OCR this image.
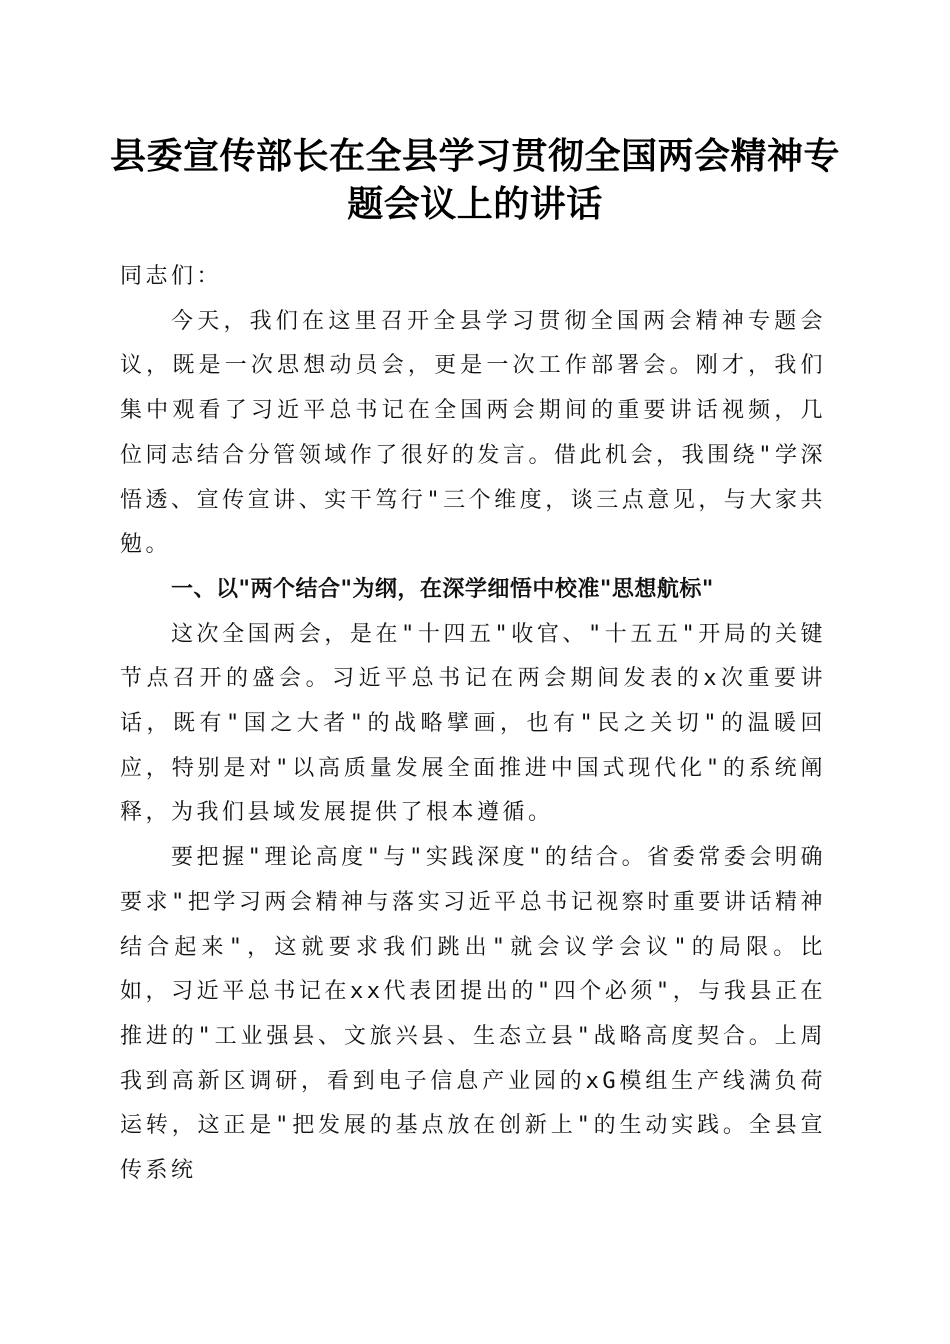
县委宣传部长在全县学习贯彻全国两会精神专题会议上的讲话

同志们：

今天，我们在这里召开全县学习贯彻全国两会精神专题会议，既是一次思想动员会，更是一次工作部署会。刚才，我们集中观看了习近平总书记在全国两会期间的重要讲话视频，几位同志结合分管领域作了很好的发言。借此机会，我围绕"学深悟透、宣传宣讲、实干笃行"三个维度，谈三点意见，与大家共勉。

一、以"两个结合"为纲，在深学细悟中校准"思想航标"

这次全国两会，是在"十四五"收官、"十五五"开局的关键节点召开的盛会。习近平总书记在两会期间发表的x次重要讲话，既有"国之大者"的战略擘画，也有"民之关切"的温暖回应，特别是对"以高质量发展全面推进中国式现代化"的系统阐释，为我们县域发展提供了根本遵循。

要把握"理论高度"与"实践深度"的结合。省委常委会明确要求"把学习两会精神与落实习近平总书记视察时重要讲话精神结合起来"，这就要求我们跳出"就会议学会议"的局限。比如，习近平总书记在xx代表团提出的"四个必须"，与我县正在推进的"工业强县、文旅兴县、生态立县"战略高度契合。上周我到高新区调研，看到电子信息产业园的xG模组生产线满负荷运转，这正是"把发展的基点放在创新上"的生动实践。全县宣传系统
